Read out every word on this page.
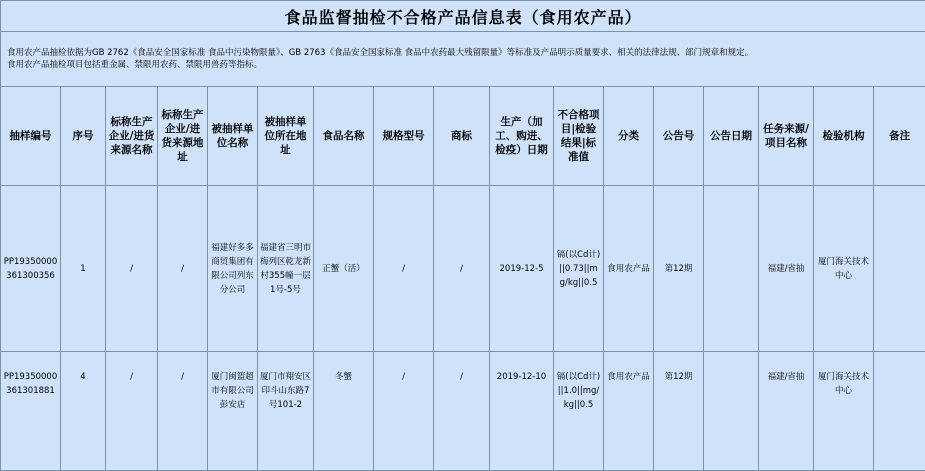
食品监督抽检不合格产品信息表（食用农产品）																

食用农产品抽检依据为GB 2762《食品安全国家标准 食品中污染物限量》、GB 2763《食品安全国家标准 食品中农药最大残留限量》等标准及产品明示质量要求、相关的法律法规、部门规章和规定。
食用农产品抽检项目包括重金属、禁限用农药、禁限用兽药等指标。																

抽样编号	序号	标称生产企业/进货来源名称	标称生产企业/进货来源地址	被抽样单位名称	被抽样单位所在地址	食品名称	规格型号	商标	生产（加工、购进、检疫）日期	不合格项目|检验结果|标准值	分类	公告号	公告日期	任务来源/项目名称	检验机构	备注
PP19350000361300356	1	/	/	福建好多多商贸集团有限公司列东分公司	福建省三明市梅列区乾龙新村355幢一层1号-5号	正蟹（活）	/	/	2019-12-5	镉(以Cd计)||0.73||mg/kg||0.5	食用农产品	第12期		福建/省抽	厦门海关技术中心	
PP19350000361301881	4	/	/	厦门闽篮超市有限公司彭安店	厦门市翔安区印斗山东路7号101-2	冬蟹	/	/	2019-12-10	镉(以Cd计)||1.0||mg/kg||0.5	食用农产品	第12期		福建/省抽	厦门海关技术中心	
